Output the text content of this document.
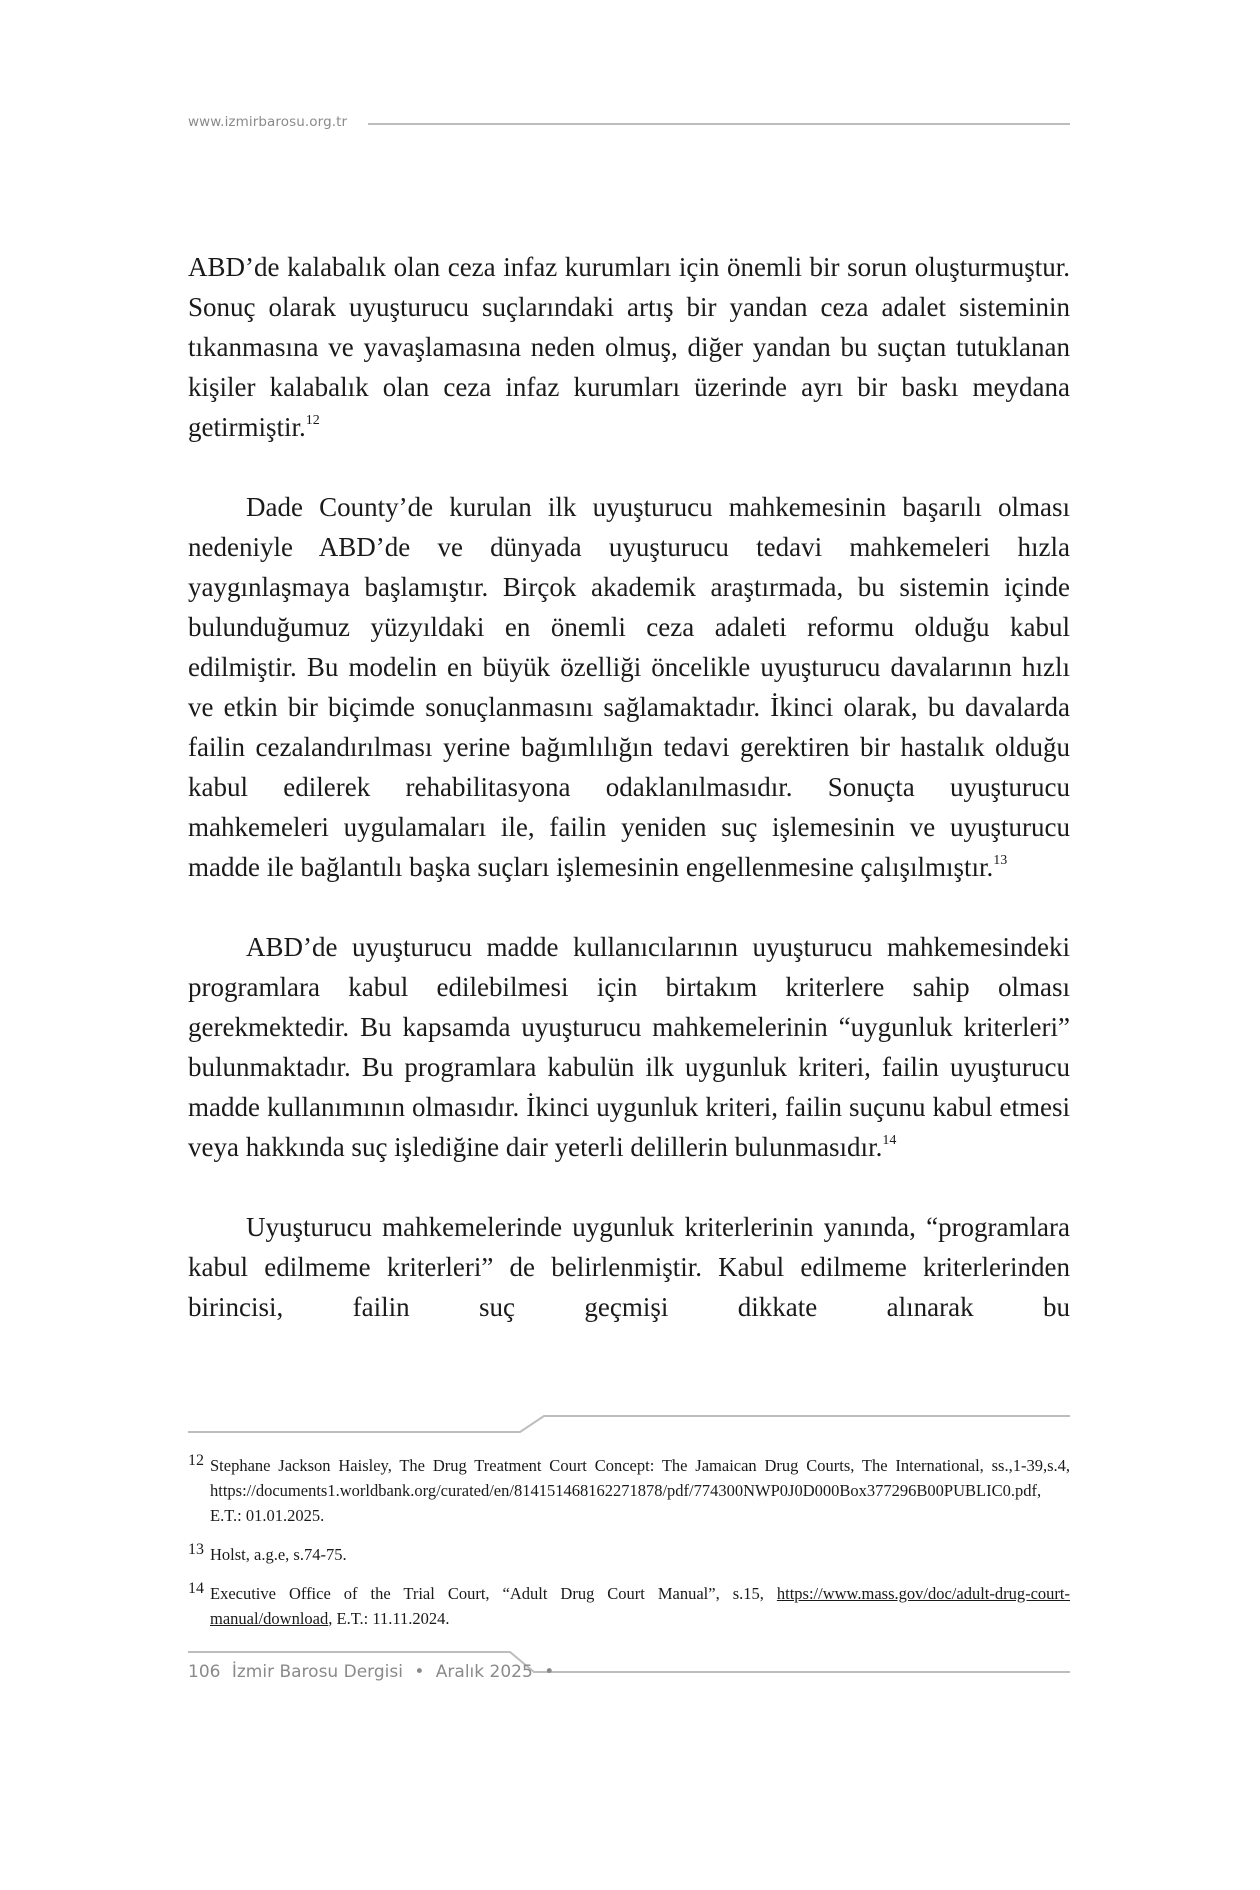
www.izmirbarosu.org.tr

ABD’de kalabalık olan ceza infaz kurumları için önemli bir sorun oluşturmuştur. Sonuç olarak uyuşturucu suçlarındaki artış bir yandan ceza adalet sisteminin tıkanmasına ve yavaşlamasına neden olmuş, diğer yandan bu suçtan tutuklanan kişiler kalabalık olan ceza infaz kurumları üzerinde ayrı bir baskı meydana getirmiştir.$^{12}$

Dade County’de kurulan ilk uyuşturucu mahkemesinin başarılı olması nedeniyle ABD’de ve dünyada uyuşturucu tedavi mahkemeleri hızla yaygınlaşmaya başlamıştır. Birçok akademik araştırmada, bu sistemin içinde bulunduğumuz yüzyıldaki en önemli ceza adaleti reformu olduğu kabul edilmiştir. Bu modelin en büyük özelliği öncelikle uyuşturucu davalarının hızlı ve etkin bir biçimde sonuçlanmasını sağlamaktadır. İkinci olarak, bu davalarda failin cezalandırılması yerine bağımlılığın tedavi gerektiren bir hastalık olduğu kabul edilerek rehabilitasyona odaklanılmasıdır. Sonuçta uyuşturucu mahkemeleri uygulamaları ile, failin yeniden suç işlemesinin ve uyuşturucu madde ile bağlantılı başka suçları işlemesinin engellenmesine çalışılmıştır.$^{13}$

ABD’de uyuşturucu madde kullanıcılarının uyuşturucu mahkemesindeki programlara kabul edilebilmesi için birtakım kriterlere sahip olması gerekmektedir. Bu kapsamda uyuşturucu mahkemelerinin “uygunluk kriterleri” bulunmaktadır. Bu programlara kabulün ilk uygunluk kriteri, failin uyuşturucu madde kullanımının olmasıdır. İkinci uygunluk kriteri, failin suçunu kabul etmesi veya hakkında suç işlediğine dair yeterli delillerin bulunmasıdır.$^{14}$

Uyuşturucu mahkemelerinde uygunluk kriterlerinin yanında, “programlara kabul edilmeme kriterleri” de belirlenmiştir. Kabul edilmeme kriterlerinden birincisi, failin suç geçmişi dikkate alınarak bu

12 Stephane Jackson Haisley, The Drug Treatment Court Concept: The Jamaican Drug Courts, The International, ss.,1-39,s.4, https://documents1.worldbank.org/curated/en/814151468162271878/pdf/774300NWP0J0D000Box377296B00PUBLIC0.pdf, E.T.: 01.01.2025.
13 Holst, a.g.e, s.74-75.
14 Executive Office of the Trial Court, “Adult Drug Court Manual”, s.15, https://www.mass.gov/doc/adult-drug-court-manual/download, E.T.: 11.11.2024.
106 İzmir Barosu Dergisi • Aralık 2025 •
